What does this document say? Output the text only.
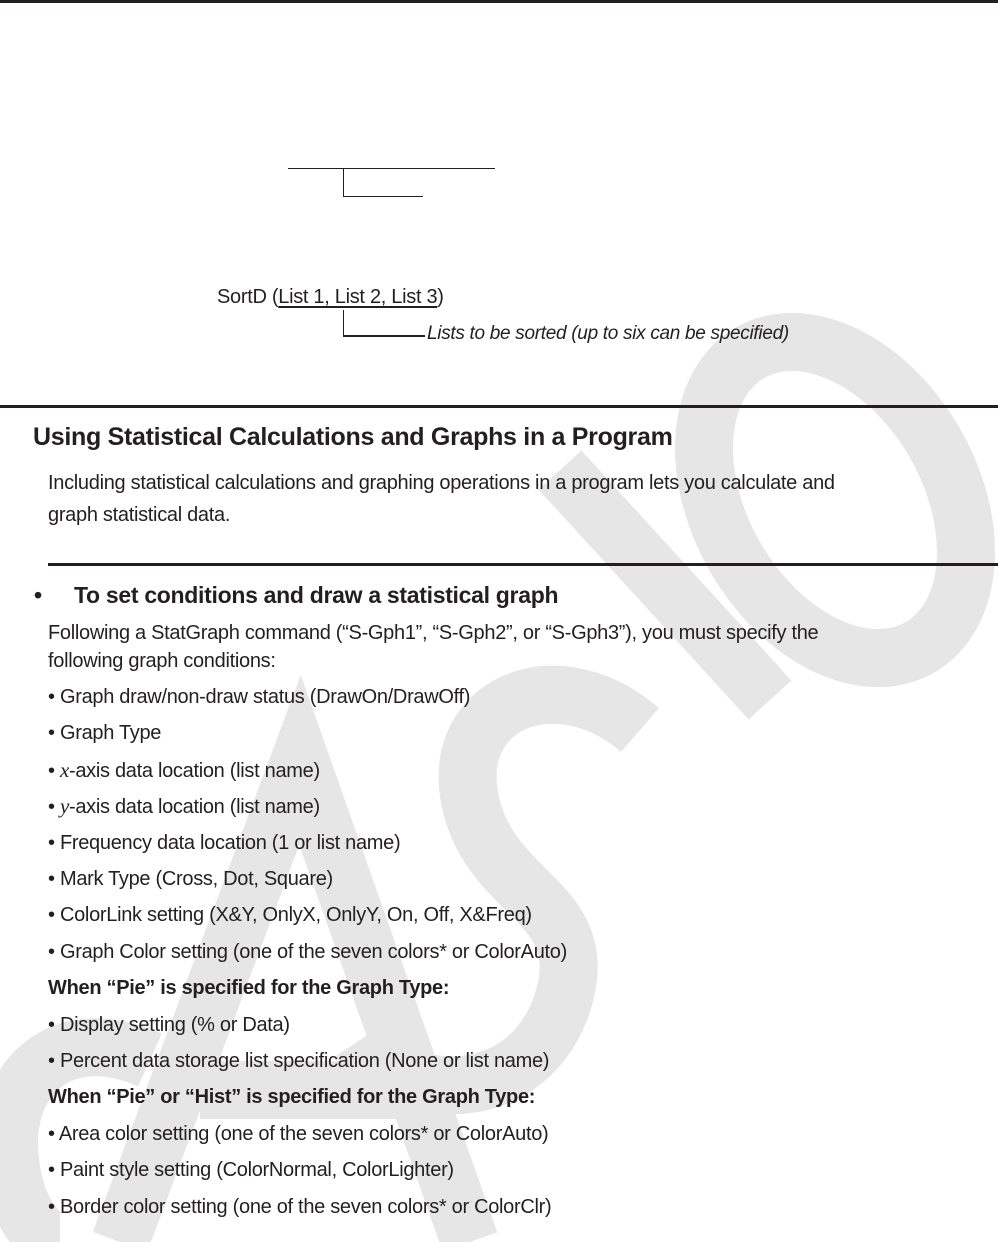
SortD (List 1, List 2, List 3)
Lists to be sorted (up to six can be specified)
Using Statistical Calculations and Graphs in a Program
Including statistical calculations and graphing operations in a program lets you calculate and
graph statistical data.
• To set conditions and draw a statistical graph
Following a StatGraph command (“S-Gph1”, “S-Gph2”, or “S-Gph3”), you must specify the
following graph conditions:
• Graph draw/non-draw status (DrawOn/DrawOff)
• Graph Type
• x-axis data location (list name)
• y-axis data location (list name)
• Frequency data location (1 or list name)
• Mark Type (Cross, Dot, Square)
• ColorLink setting (X&Y, OnlyX, OnlyY, On, Off, X&Freq)
• Graph Color setting (one of the seven colors* or ColorAuto)
When “Pie” is specified for the Graph Type:
• Display setting (% or Data)
• Percent data storage list specification (None or list name)
When “Pie” or “Hist” is specified for the Graph Type:
• Area color setting (one of the seven colors* or ColorAuto)
• Paint style setting (ColorNormal, ColorLighter)
• Border color setting (one of the seven colors* or ColorClr)
